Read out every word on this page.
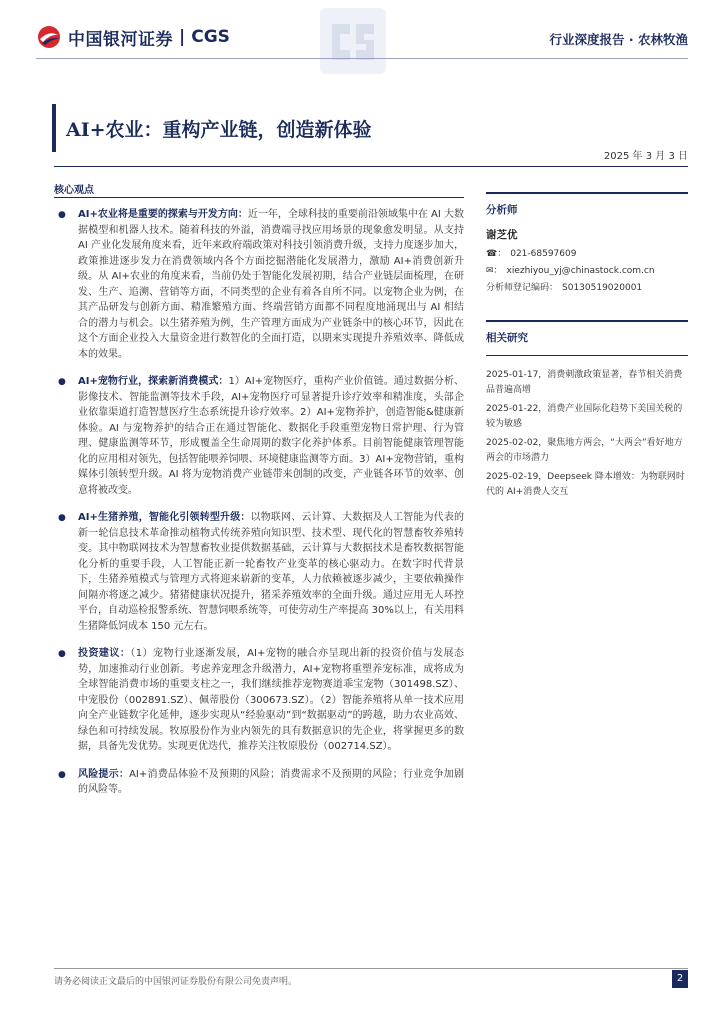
中国银河证券 | CGS	行业深度报告 · 农林牧渔
AI+农业：重构产业链，创造新体验
2025 年 3 月 3 日
核心观点
● AI+农业将是重要的探索与开发方向：近一年，全球科技的重要前沿领域集中在 AI 大数据模型和机器人技术。随着科技的外溢，消费端寻找应用场景的现象愈发明显。从支持 AI 产业化发展角度来看，近年来政府端政策对科技引领消费升级，支持力度逐步加大，政策推进逐步发力在消费领域内各个方面挖掘潜能化发展潜力，激励 AI+消费创新升级。从 AI+农业的角度来看，当前仍处于智能化发展初期，结合产业链层面梳理，在研发、生产、追溯、营销等方面，不同类型的企业有着各自所不同。以宠物企业为例，在其产品研发与创新方面、精准繁殖方面、终端营销方面都不同程度地涌现出与 AI 相结合的潜力与机会。以生猪养殖为例，生产管理方面成为产业链条中的核心环节，因此在这个方面企业投入大量资金进行数智化的全面打造，以期来实现提升养殖效率、降低成本的效果。
● AI+宠物行业，探索新消费模式：1）AI+宠物医疗，重构产业价值链。通过数据分析、影像技术、智能监测等技术手段，AI+宠物医疗可显著提升诊疗效率和精准度，头部企业依靠渠道打造智慧医疗生态系统提升诊疗效率。2）AI+宠物养护，创造智能&健康新体验。AI 与宠物养护的结合正在通过智能化、数据化手段重塑宠物日常护理、行为管理、健康监测等环节，形成覆盖全生命周期的数字化养护体系。目前智能健康管理智能化的应用相对领先，包括智能喂养饲喂、环境健康监测等方面。3）AI+宠物营销，重构媒体引领转型升级。AI 将为宠物消费产业链带来创制的改变，产业链各环节的效率、创意将被改变。
● AI+生猪养殖，智能化引领转型升级：以物联网、云计算、大数据及人工智能为代表的新一轮信息技术革命推动植物式传统养殖向知识型、技术型、现代化的智慧畜牧养殖转变。其中物联网技术为智慧畜牧业提供数据基础，云计算与大数据技术是畜牧数据智能化分析的重要手段，人工智能正新一轮畜牧产业变革的核心驱动力。在数字时代背景下，生猪养殖模式与管理方式将迎来崭新的变革，人力依赖被逐步减少，主要依赖操作间隔亦将逐之减少。猪猪健康状况提升，猪采养殖效率的全面升级。通过应用无人环控平台，自动巡检报警系统、智慧饲喂系统等，可使劳动生产率提高 30%以上，有关用料生猪降低饲成本 150 元左右。
● 投资建议：（1）宠物行业逐渐发展，AI+宠物的融合亦呈现出新的投资价值与发展态势，加速推动行业创新。考虑养宠理念升级潜力，AI+宠物将重塑养宠标准，成将成为全球智能消费市场的重要支柱之一，我们继续推荐宠物赛道乖宝宠物（301498.SZ）、中宠股份（002891.SZ）、佩蒂股份（300673.SZ）。（2）智能养殖将从单一技术应用向全产业链数字化延伸，逐步实现从“经验驱动”到“数据驱动”的跨越，助力农业高效、绿色和可持续发展。牧原股份作为业内领先的具有数据意识的先企业，将掌握更多的数据，具备先发优势。实现更优迭代，推荐关注牧原股份（002714.SZ）。
● 风险提示：AI+消费品体验不及预期的风险；消费需求不及预期的风险；行业竞争加剧的风险等。
分析师
谢芝优
☎： 021-68597609
✉： xiezhiyou_yj@chinastock.com.cn
分析师登记编码： S0130519020001
相关研究
2025-01-17，消费刺激政策显著，春节相关消费品普遍高增
2025-01-22，消费产业国际化趋势下美国关税的较为敏感
2025-02-02，聚焦地方两会，“大两会”看好地方两会的市场潜力
2025-02-19，Deepseek 降本增效：为物联网时代的 AI+消费人交互
请务必阅读正文最后的中国银河证券股份有限公司免责声明。	2
